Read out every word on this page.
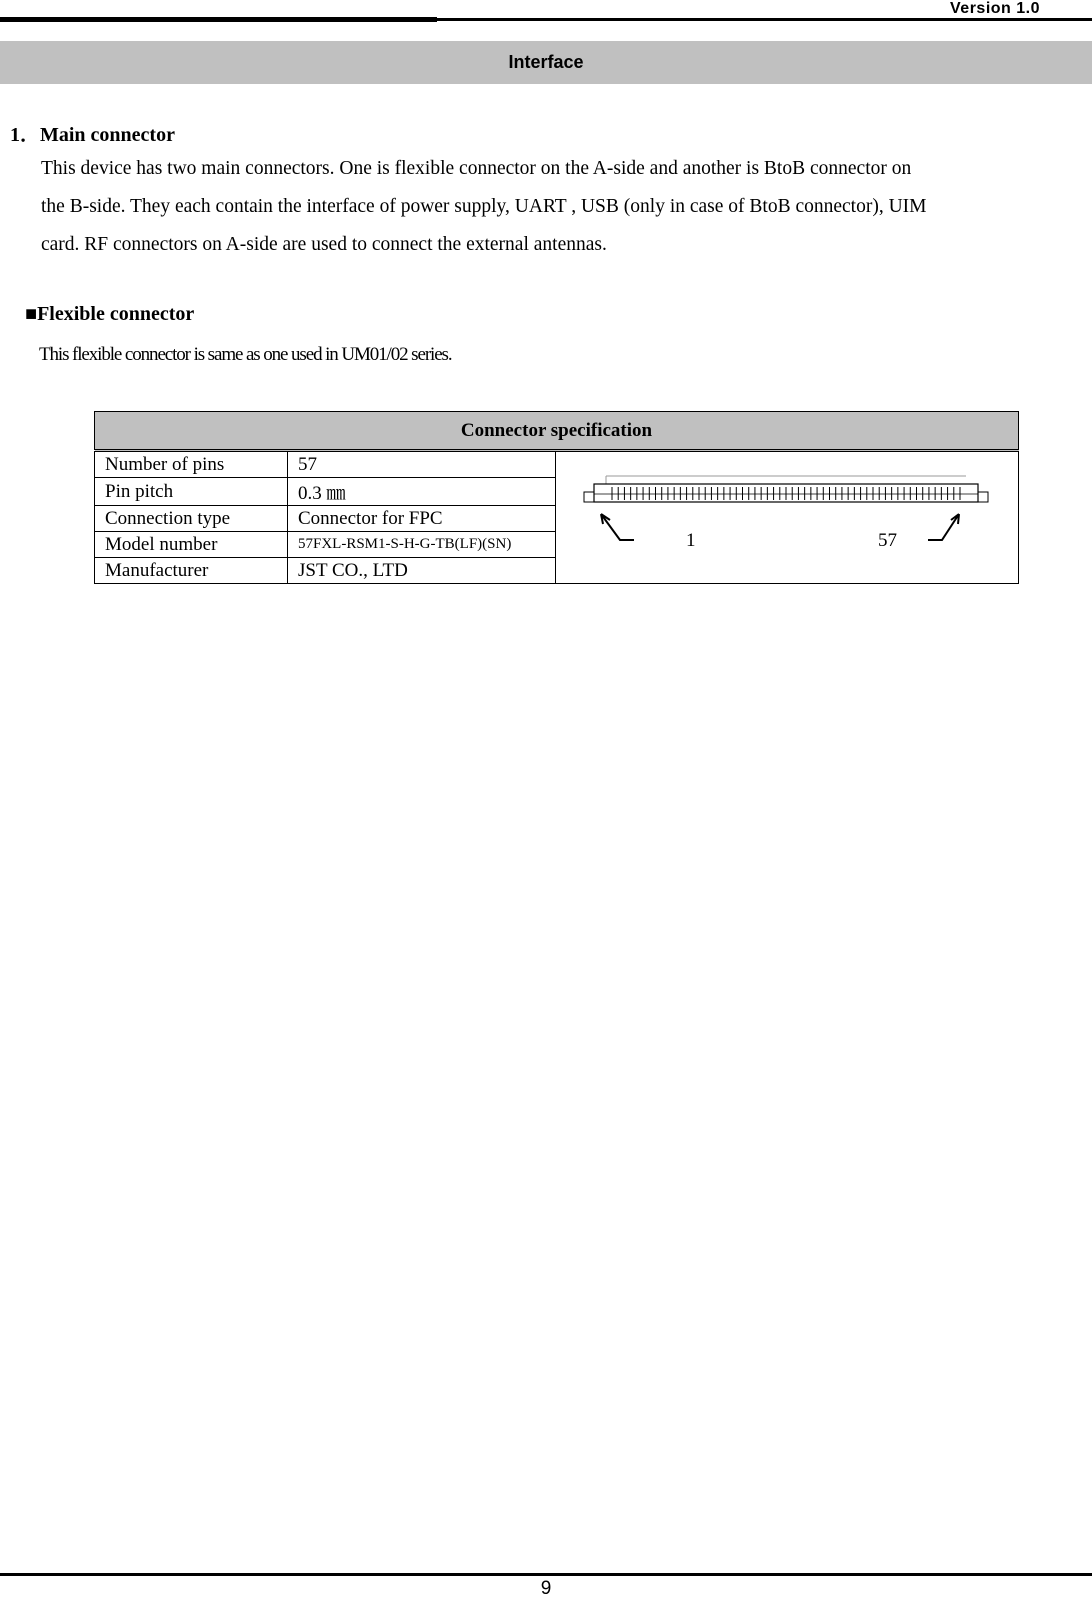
Version 1.0
Interface
1．Main connector
This device has two main connectors. One is flexible connector on the A-side and another is BtoB connector on
the B-side. They each contain the interface of power supply, UART , USB (only in case of BtoB connector), UIM
card. RF connectors on A-side are used to connect the external antennas.
■Flexible connector
This flexible connector is same as one used in UM01/02 series.
Connector specification		
Number of pins	57	1 57

Pin pitch	0.3 ㎜	
Connection type	Connector for FPC	
Model number	57FXL-RSM1-S-H-G-TB(LF)(SN)	
Manufacturer	JST CO., LTD	
9
